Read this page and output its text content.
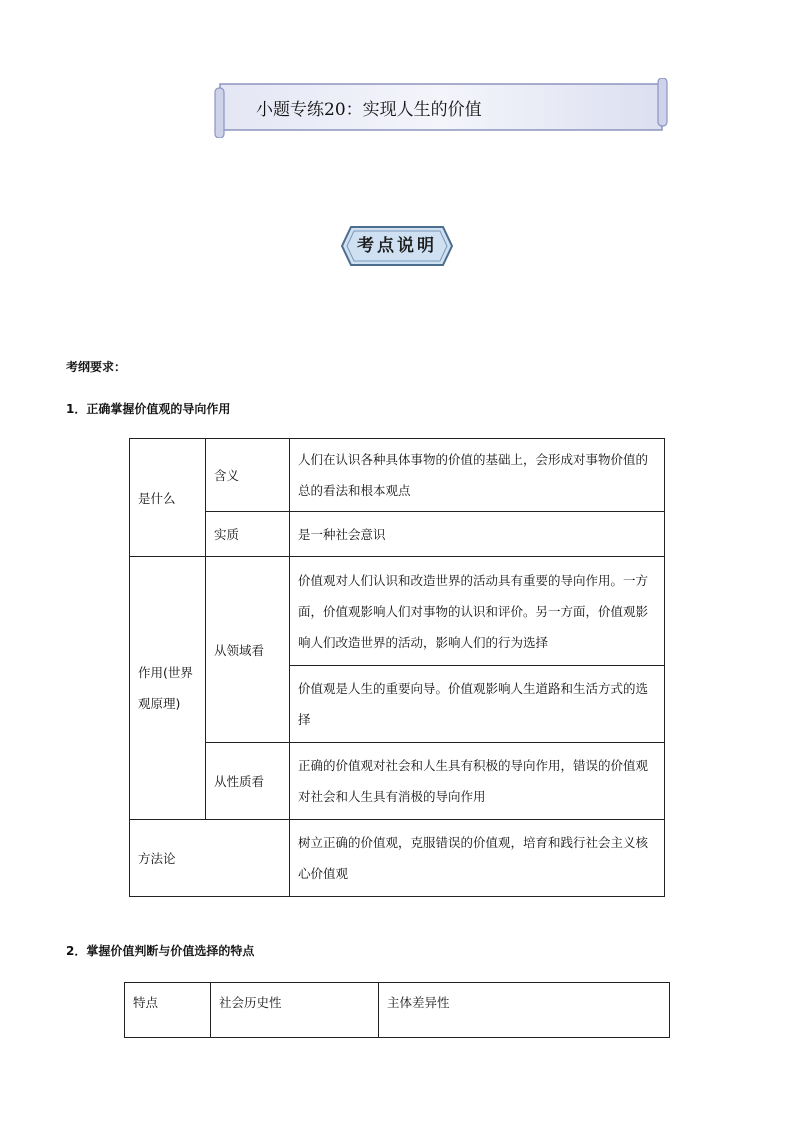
小题专练20：实现人生的价值
考点说明
考纲要求：
1．正确掌握价值观的导向作用
是什么	含义	人们在认识各种具体事物的价值的基础上，会形成对事物价值的总的看法和根本观点
	实质	是一种社会意识
作用(世界观原理)	从领域看	价值观对人们认识和改造世界的活动具有重要的导向作用。一方面，价值观影响人们对事物的认识和评价。另一方面，价值观影响人们改造世界的活动，影响人们的行为选择
		价值观是人生的重要向导。价值观影响人生道路和生活方式的选择
	从性质看	正确的价值观对社会和人生具有积极的导向作用，错误的价值观对社会和人生具有消极的导向作用
方法论		树立正确的价值观，克服错误的价值观，培育和践行社会主义核心价值观
2．掌握价值判断与价值选择的特点
特点	社会历史性	主体差异性
